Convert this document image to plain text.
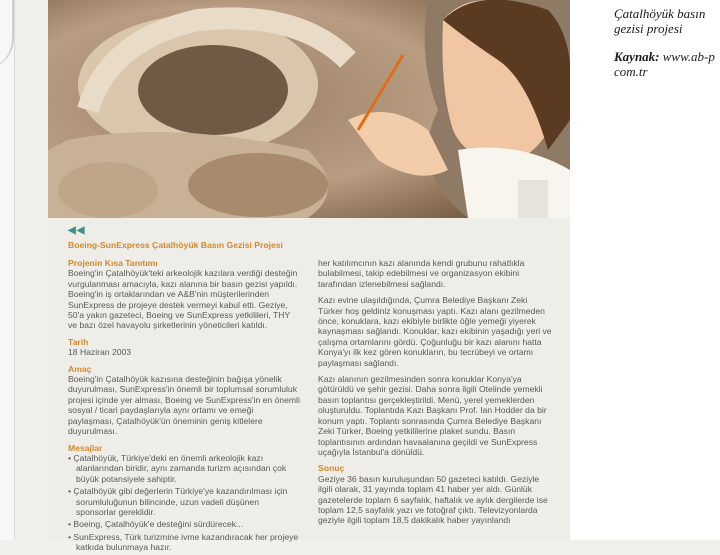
◀◀
Boeing-SunExpress Çatalhöyük Basın Gezisi Projesi

Projenin Kısa Tanıtımı
Boeing'in Çatalhöyük'teki arkeolojik kazılara verdiği desteğin vurgulanması amacıyla, kazı alanına bir basın gezisi yapıldı. Boeing'in iş ortaklarından ve A&B'nin müşterilerinden SunExpress de projeye destek vermeyi kabul etti. Geziye, 50'a yakın gazeteci, Boeing ve SunExpress yetkilileri, THY ve bazı özel havayolu şirketlerinin yöneticileri katıldı.

Tarih
18 Haziran 2003

Amaç
Boeing'in Çatalhöyük kazısına desteğinin bağışa yönelik duyurulması, SunExpress'in önemli bir toplumsal sorumluluk projesi içinde yer alması, Boeing ve SunExpress'in en önemli sosyal / ticari paydaşlarıyla aynı ortamı ve emeği paylaşması, Çatalhöyük'ün öneminin geniş kitlelere duyurulması.

Mesajlar
• Çatalhöyük, Türkiye'deki en önemli arkeolojik kazı alanlarından biridir, aynı zamanda turizm açısından çok büyük potansiyele sahiptir.
• Çatalhöyük gibi değerlerin Türkiye'ye kazandırılması için sorumluluğunun bilincinde, uzun vadeli düşünen sponsorlar gereklidir.
• Boeing, Çatalhöyük'e desteğini sürdürecek...
• SunExpress, Türk turizmine ivme kazandıracak her projeye katkıda bulunmaya hazır.

her katılımcının kazı alanında kendi grubunu rahatlıkla bulabilmesi, takip edebilmesi ve organizasyon ekibini tarafından izlenebilmesi sağlandı.

Kazı evine ulaşıldığında, Çumra Belediye Başkanı Zeki Türker hoş geldiniz konuşması yaptı. Kazı alanı gezilmeden önce, konuklara, kazı ekibiyle birlikte öğle yemeği yiyerek kaynaşması sağlandı. Konuklar, kazı ekibinin yaşadığı yeri ve çalışma ortamlarını gördü. Çoğunluğu bir kazı alanını hatta Konya'yı ilk kez gören konukların, bu tecrübeyi ve ortamı paylaşması sağlandı.

Kazı alanının gezilmesinden sonra konuklar Konya'ya götürüldü ve şehir gezisi. Daha sonra ilgili Otelinde yemekli basın toplantısı gerçekleştirildi. Menü, yerel yemeklerden oluşturuldu. Toplantıda Kazı Başkanı Prof. Ian Hodder da bir konum yaptı. Toplantı sonrasında Çumra Belediye Başkanı Zeki Türker, Boeing yetkililerine plaket sundu. Basın toplantısının ardından havaalanına geçildi ve SunExpress uçağıyla İstanbul'a dönüldü.

Sonuç

Geziye 36 basın kuruluşundan 50 gazeteci katıldı. Geziyle ilgili olarak, 31 yayında toplam 41 haber yer aldı. Günlük gazetelerde toplam 6 sayfalık, haftalık ve aylık dergilerde ise toplam 12,5 sayfalık yazı ve fotoğraf çıktı. Televizyonlarda geziyle ilgili toplam 18,5 dakikalık haber yayınlandı

Çatalhöyük basın
gezisi projesi
Kaynak: www.ab-p
com.tr
